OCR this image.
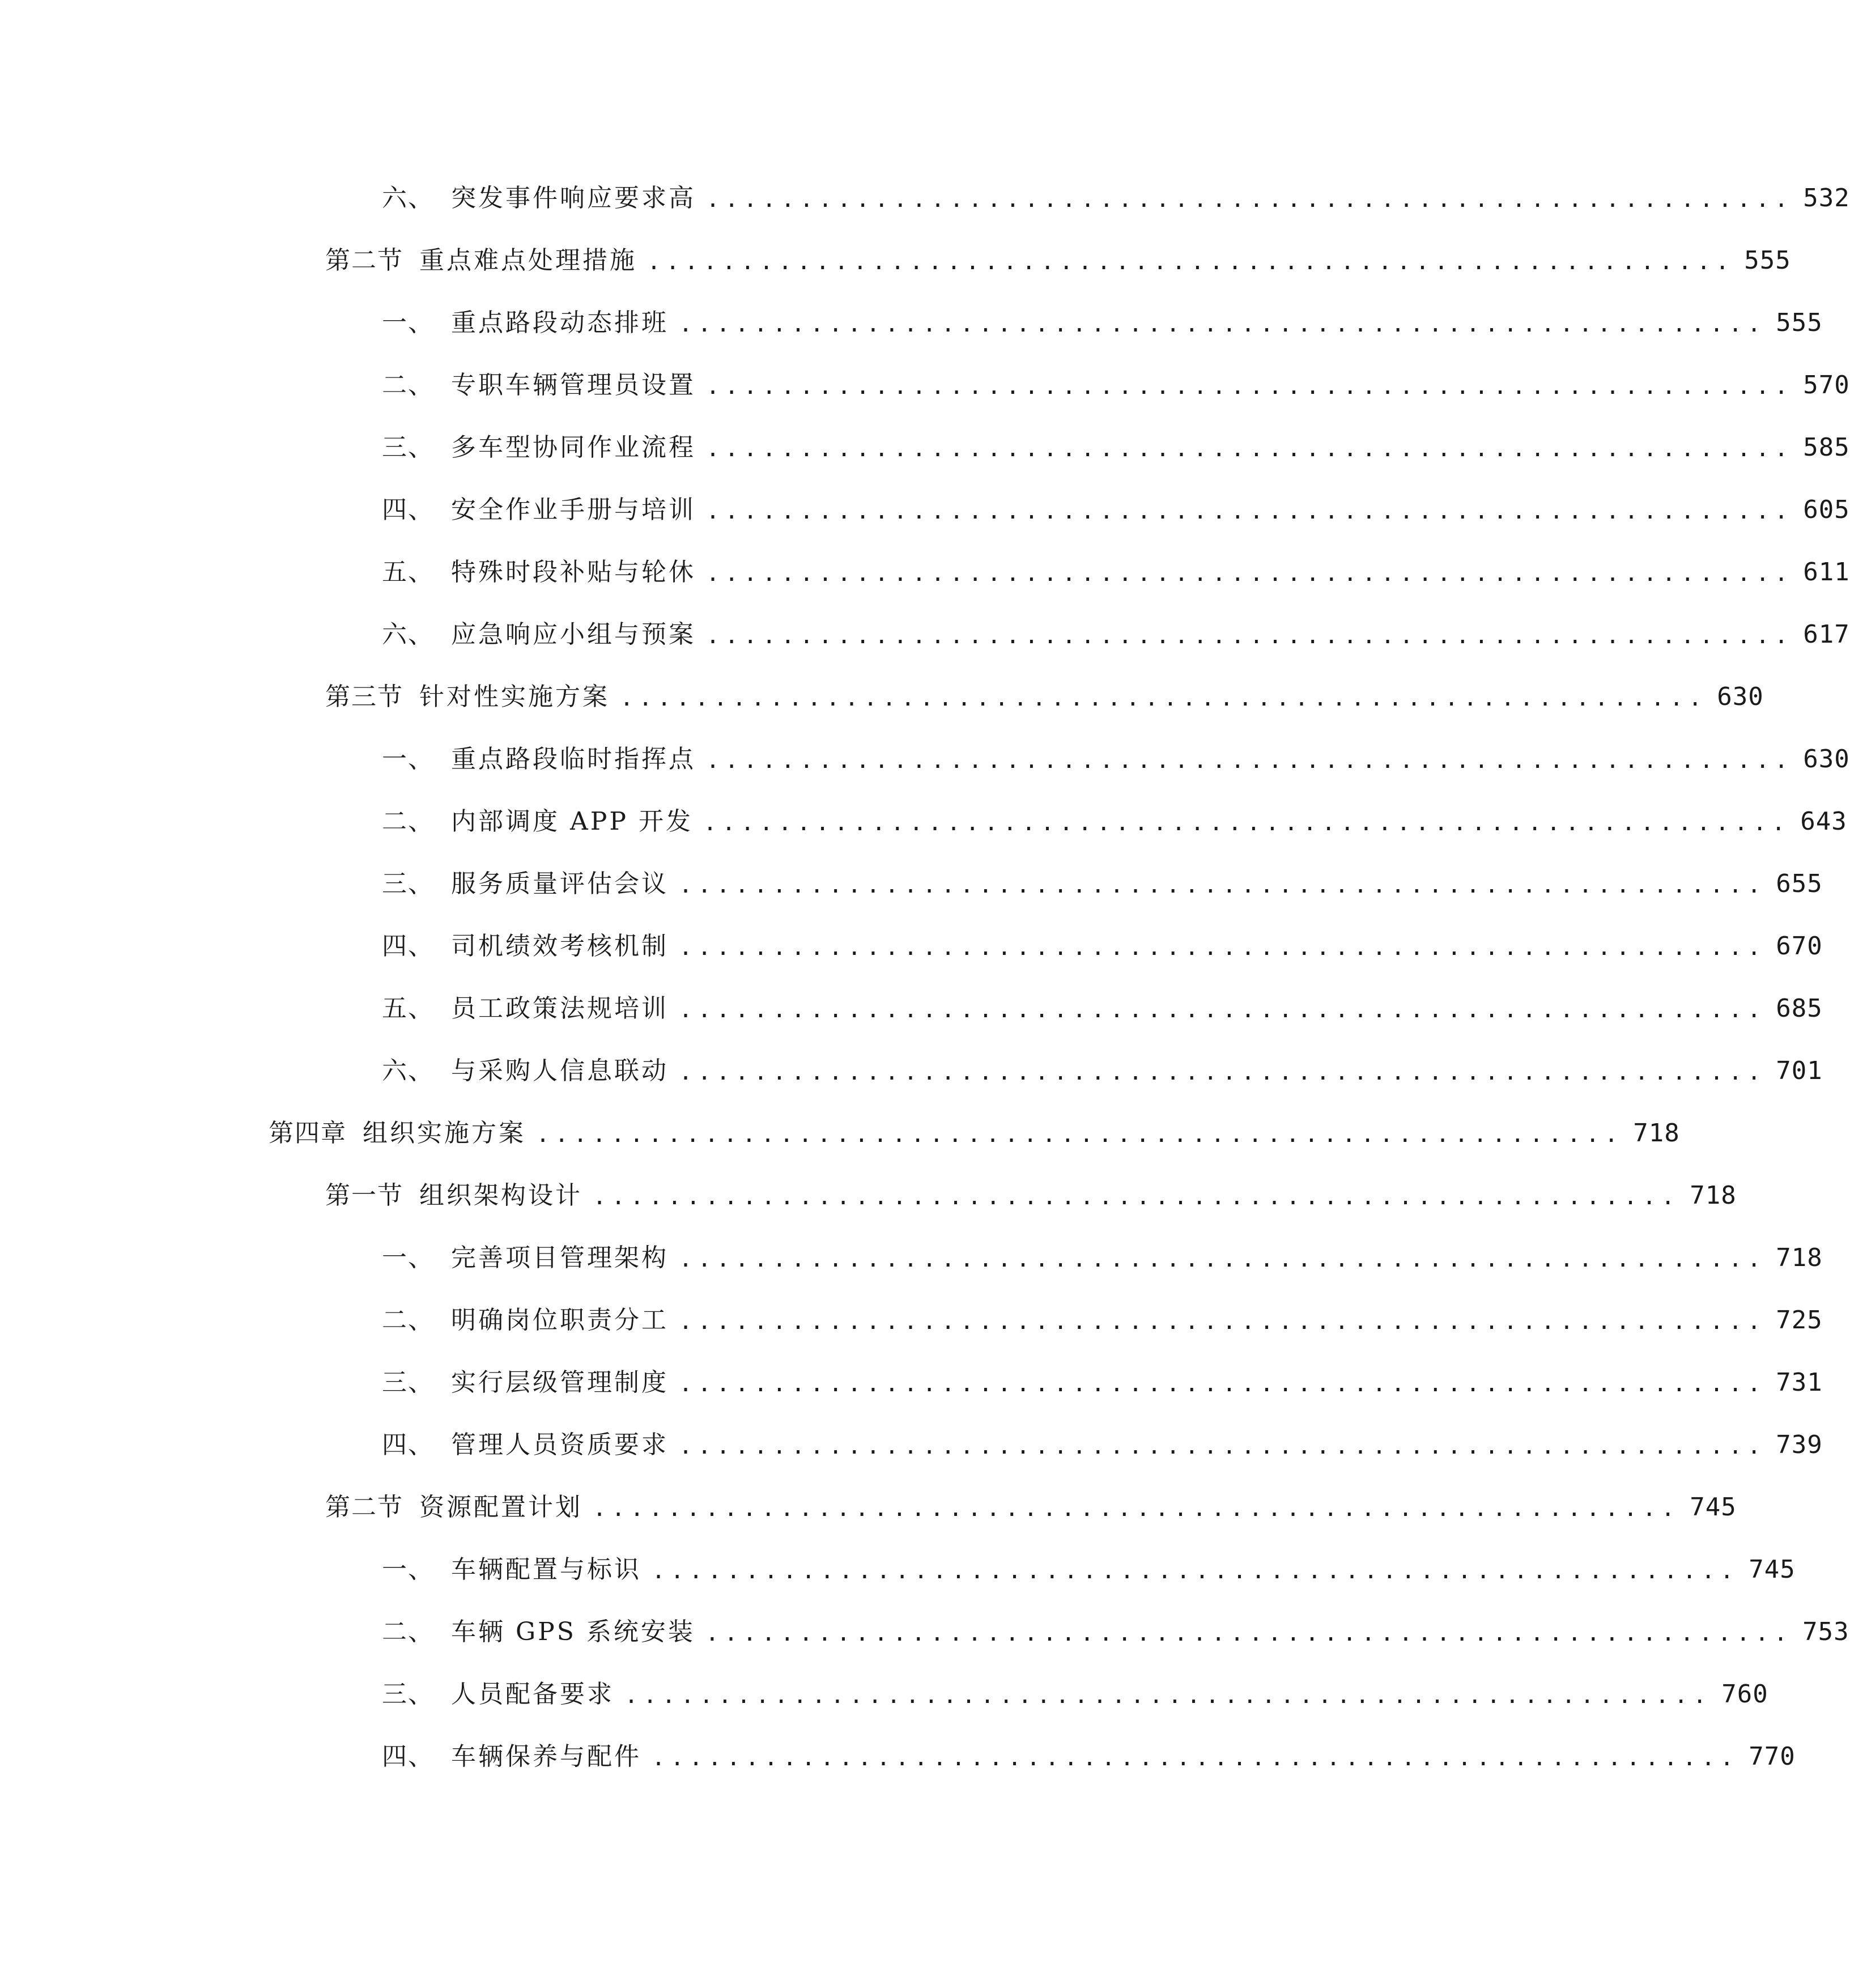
六、 突发事件响应要求高 .......................................................... 532
第二节 重点难点处理措施 .......................................................... 555
一、 重点路段动态排班 .......................................................... 555
二、 专职车辆管理员设置 .......................................................... 570
三、 多车型协同作业流程 .......................................................... 585
四、 安全作业手册与培训 .......................................................... 605
五、 特殊时段补贴与轮休 .......................................................... 611
六、 应急响应小组与预案 .......................................................... 617
第三节 针对性实施方案 .......................................................... 630
一、 重点路段临时指挥点 .......................................................... 630
二、 内部调度 APP 开发 .......................................................... 643
三、 服务质量评估会议 .......................................................... 655
四、 司机绩效考核机制 .......................................................... 670
五、 员工政策法规培训 .......................................................... 685
六、 与采购人信息联动 .......................................................... 701
第四章 组织实施方案 .......................................................... 718
第一节 组织架构设计 .......................................................... 718
一、 完善项目管理架构 .......................................................... 718
二、 明确岗位职责分工 .......................................................... 725
三、 实行层级管理制度 .......................................................... 731
四、 管理人员资质要求 .......................................................... 739
第二节 资源配置计划 .......................................................... 745
一、 车辆配置与标识 .......................................................... 745
二、 车辆 GPS 系统安装 .......................................................... 753
三、 人员配备要求 .......................................................... 760
四、 车辆保养与配件 .......................................................... 770
